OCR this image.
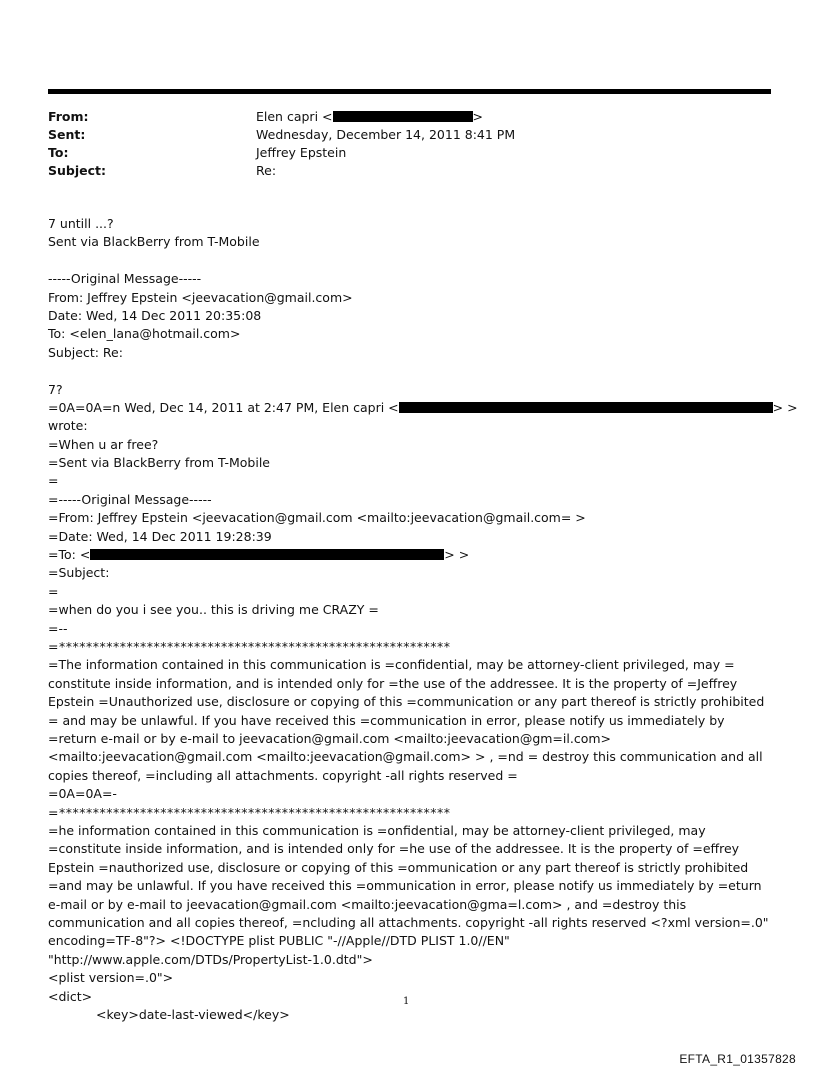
From:	Elen capri <	>
Sent:	Wednesday, December 14, 2011 8:41 PM
To:	Jeffrey Epstein
Subject:	Re:
7 untill ...?
Sent via BlackBerry from T-Mobile
-----Original Message-----
From: Jeffrey Epstein <jeevacation@gmail.com>
Date: Wed, 14 Dec 2011 20:35:08
To: <elen_lana@hotmail.com>
Subject: Re:
7?
=0A=0A=n Wed, Dec 14, 2011 at 2:47 PM, Elen capri <	> >
wrote:
=When u ar free?
=Sent via BlackBerry from T-Mobile
=
=-----Original Message-----
=From: Jeffrey Epstein <jeevacation@gmail.com <mailto:jeevacation@gmail.com= >
=Date: Wed, 14 Dec 2011 19:28:39
=To: <	> >
=Subject:
=
=when do you i see you.. this is driving me CRAZY =
=--
=**********************************************************
=The information contained in this communication is =confidential, may be attorney-client privileged, may = constitute inside information, and is intended only for =the use of the addressee. It is the property of =Jeffrey Epstein =Unauthorized use, disclosure or copying of this =communication or any part thereof is strictly prohibited = and may be unlawful. If you have received this =communication in error, please notify us immediately by =return e-mail or by e-mail to jeevacation@gmail.com <mailto:jeevacation@gm=il.com> <mailto:jeevacation@gmail.com <mailto:jeevacation@gmail.com> > , =nd = destroy this communication and all copies thereof, =including all attachments. copyright -all rights reserved =
=0A=0A=-
=**********************************************************
=he information contained in this communication is =onfidential, may be attorney-client privileged, may =constitute inside information, and is intended only for =he use of the addressee. It is the property of =effrey Epstein =nauthorized use, disclosure or copying of this =ommunication or any part thereof is strictly prohibited =and may be unlawful. If you have received this =ommunication in error, please notify us immediately by =eturn e-mail or by e-mail to jeevacation@gmail.com <mailto:jeevacation@gma=l.com> , and =destroy this communication and all copies thereof, =ncluding all attachments. copyright -all rights reserved <?xml version=.0" encoding=TF-8"?> <!DOCTYPE plist PUBLIC "-//Apple//DTD PLIST 1.0//EN" "http://www.apple.com/DTDs/PropertyList-1.0.dtd">
<plist version=.0">
<dict>
<key>date-last-viewed</key>
1
EFTA_R1_01357828
